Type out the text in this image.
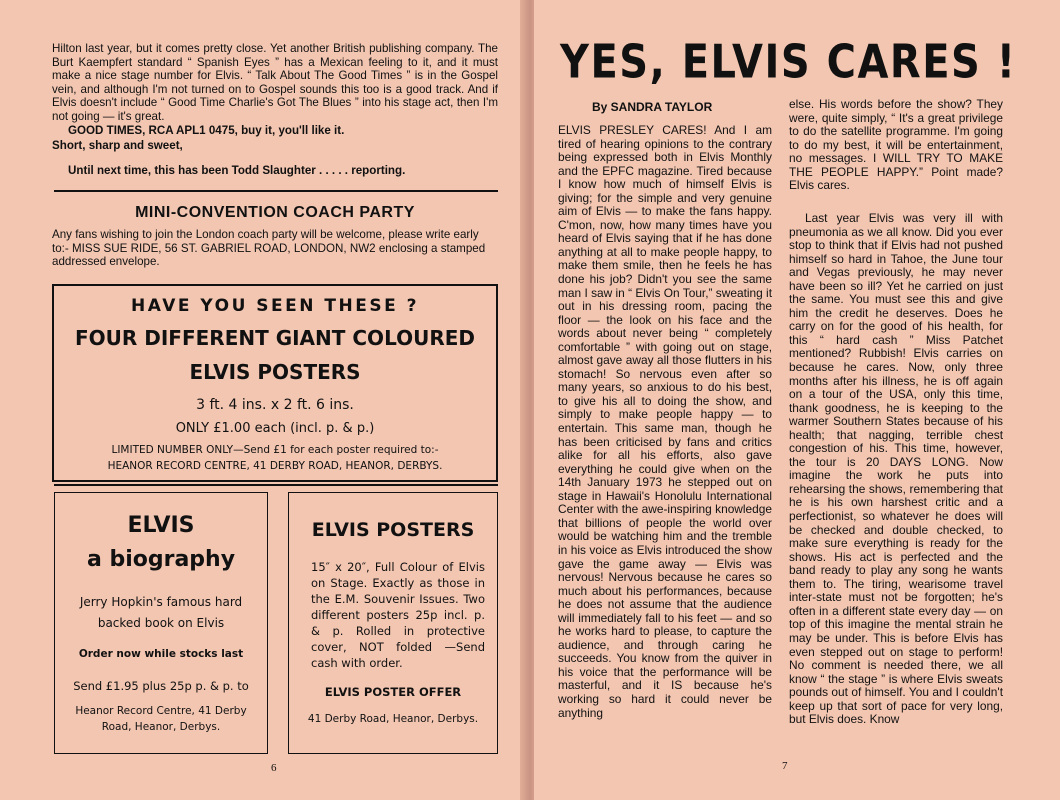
Hilton last year, but it comes pretty close. Yet another British publishing company. The Burt Kaempfert standard “ Spanish Eyes ” has a Mexican feeling to it, and it must make a nice stage number for Elvis. “ Talk About The Good Times ” is in the Gospel vein, and although I'm not turned on to Gospel sounds this too is a good track. And if Elvis doesn't include “ Good Time Charlie's Got The Blues ” into his stage act, then I'm not going — it's great.
GOOD TIMES, RCA APL1 0475, buy it, you'll like it.
Short, sharp and sweet,
Until next time, this has been Todd Slaughter . . . . . reporting.
MINI-CONVENTION COACH PARTY
Any fans wishing to join the London coach party will be welcome, please write early to:- MISS SUE RIDE, 56 ST. GABRIEL ROAD, LONDON, NW2 enclosing a stamped addressed envelope.
HAVE YOU SEEN THESE ?
FOUR DIFFERENT GIANT COLOURED
ELVIS POSTERS
3 ft. 4 ins. x 2 ft. 6 ins.
ONLY £1.00 each (incl. p. & p.)
LIMITED NUMBER ONLY—Send £1 for each poster required to:-
HEANOR RECORD CENTRE, 41 DERBY ROAD, HEANOR, DERBYS.
ELVIS
a biography
Jerry Hopkin's famous hard
backed book on Elvis
Order now while stocks last
Send £1.95 plus 25p p. & p. to
Heanor Record Centre, 41 Derby
Road, Heanor, Derbys.
ELVIS POSTERS
15″ x 20″, Full Colour of Elvis on Stage. Exactly as those in the E.M. Souvenir Issues. Two different posters 25p incl. p. & p. Rolled in protective cover, NOT folded —Send cash with order.
ELVIS POSTER OFFER
41 Derby Road, Heanor, Derbys.
6
YES, ELVIS CARES !
By SANDRA TAYLOR
ELVIS PRESLEY CARES! And I am tired of hearing opinions to the contrary being expressed both in Elvis Monthly and the EPFC magazine. Tired because I know how much of himself Elvis is giving; for the simple and very genuine aim of Elvis — to make the fans happy. C'mon, now, how many times have you heard of Elvis saying that if he has done anything at all to make people happy, to make them smile, then he feels he has done his job? Didn't you see the same man I saw in “ Elvis On Tour,” sweating it out in his dressing room, pacing the floor — the look on his face and the words about never being “ completely comfortable ” with going out on stage, almost gave away all those flutters in his stomach! So nervous even after so many years, so anxious to do his best, to give his all to doing the show, and simply to make people happy — to entertain. This same man, though he has been criticised by fans and critics alike for all his efforts, also gave everything he could give when on the 14th January 1973 he stepped out on stage in Hawaii's Honolulu International Center with the awe-inspiring knowledge that billions of people the world over would be watching him and the tremble in his voice as Elvis introduced the show gave the game away — Elvis was nervous! Nervous because he cares so much about his performances, because he does not assume that the audience will immediately fall to his feet — and so he works hard to please, to capture the audience, and through caring he succeeds. You know from the quiver in his voice that the performance will be masterful, and it IS because he's working so hard it could never be anything
else. His words before the show? They were, quite simply, “ It's a great privilege to do the satellite programme. I'm going to do my best, it will be entertainment, no messages. I WILL TRY TO MAKE THE PEOPLE HAPPY.” Point made? Elvis cares.
Last year Elvis was very ill with pneumonia as we all know. Did you ever stop to think that if Elvis had not pushed himself so hard in Tahoe, the June tour and Vegas previously, he may never have been so ill? Yet he carried on just the same. You must see this and give him the credit he deserves. Does he carry on for the good of his health, for this “ hard cash ” Miss Patchet mentioned? Rubbish! Elvis carries on because he cares. Now, only three months after his illness, he is off again on a tour of the USA, only this time, thank goodness, he is keeping to the warmer Southern States because of his health; that nagging, terrible chest congestion of his. This time, however, the tour is 20 DAYS LONG. Now imagine the work he puts into rehearsing the shows, remembering that he is his own harshest critic and a perfectionist, so whatever he does will be checked and double checked, to make sure everything is ready for the shows. His act is perfected and the band ready to play any song he wants them to. The tiring, wearisome travel inter-state must not be forgotten; he's often in a different state every day — on top of this imagine the mental strain he may be under. This is before Elvis has even stepped out on stage to perform! No comment is needed there, we all know “ the stage ” is where Elvis sweats pounds out of himself. You and I couldn't keep up that sort of pace for very long, but Elvis does. Know
7
